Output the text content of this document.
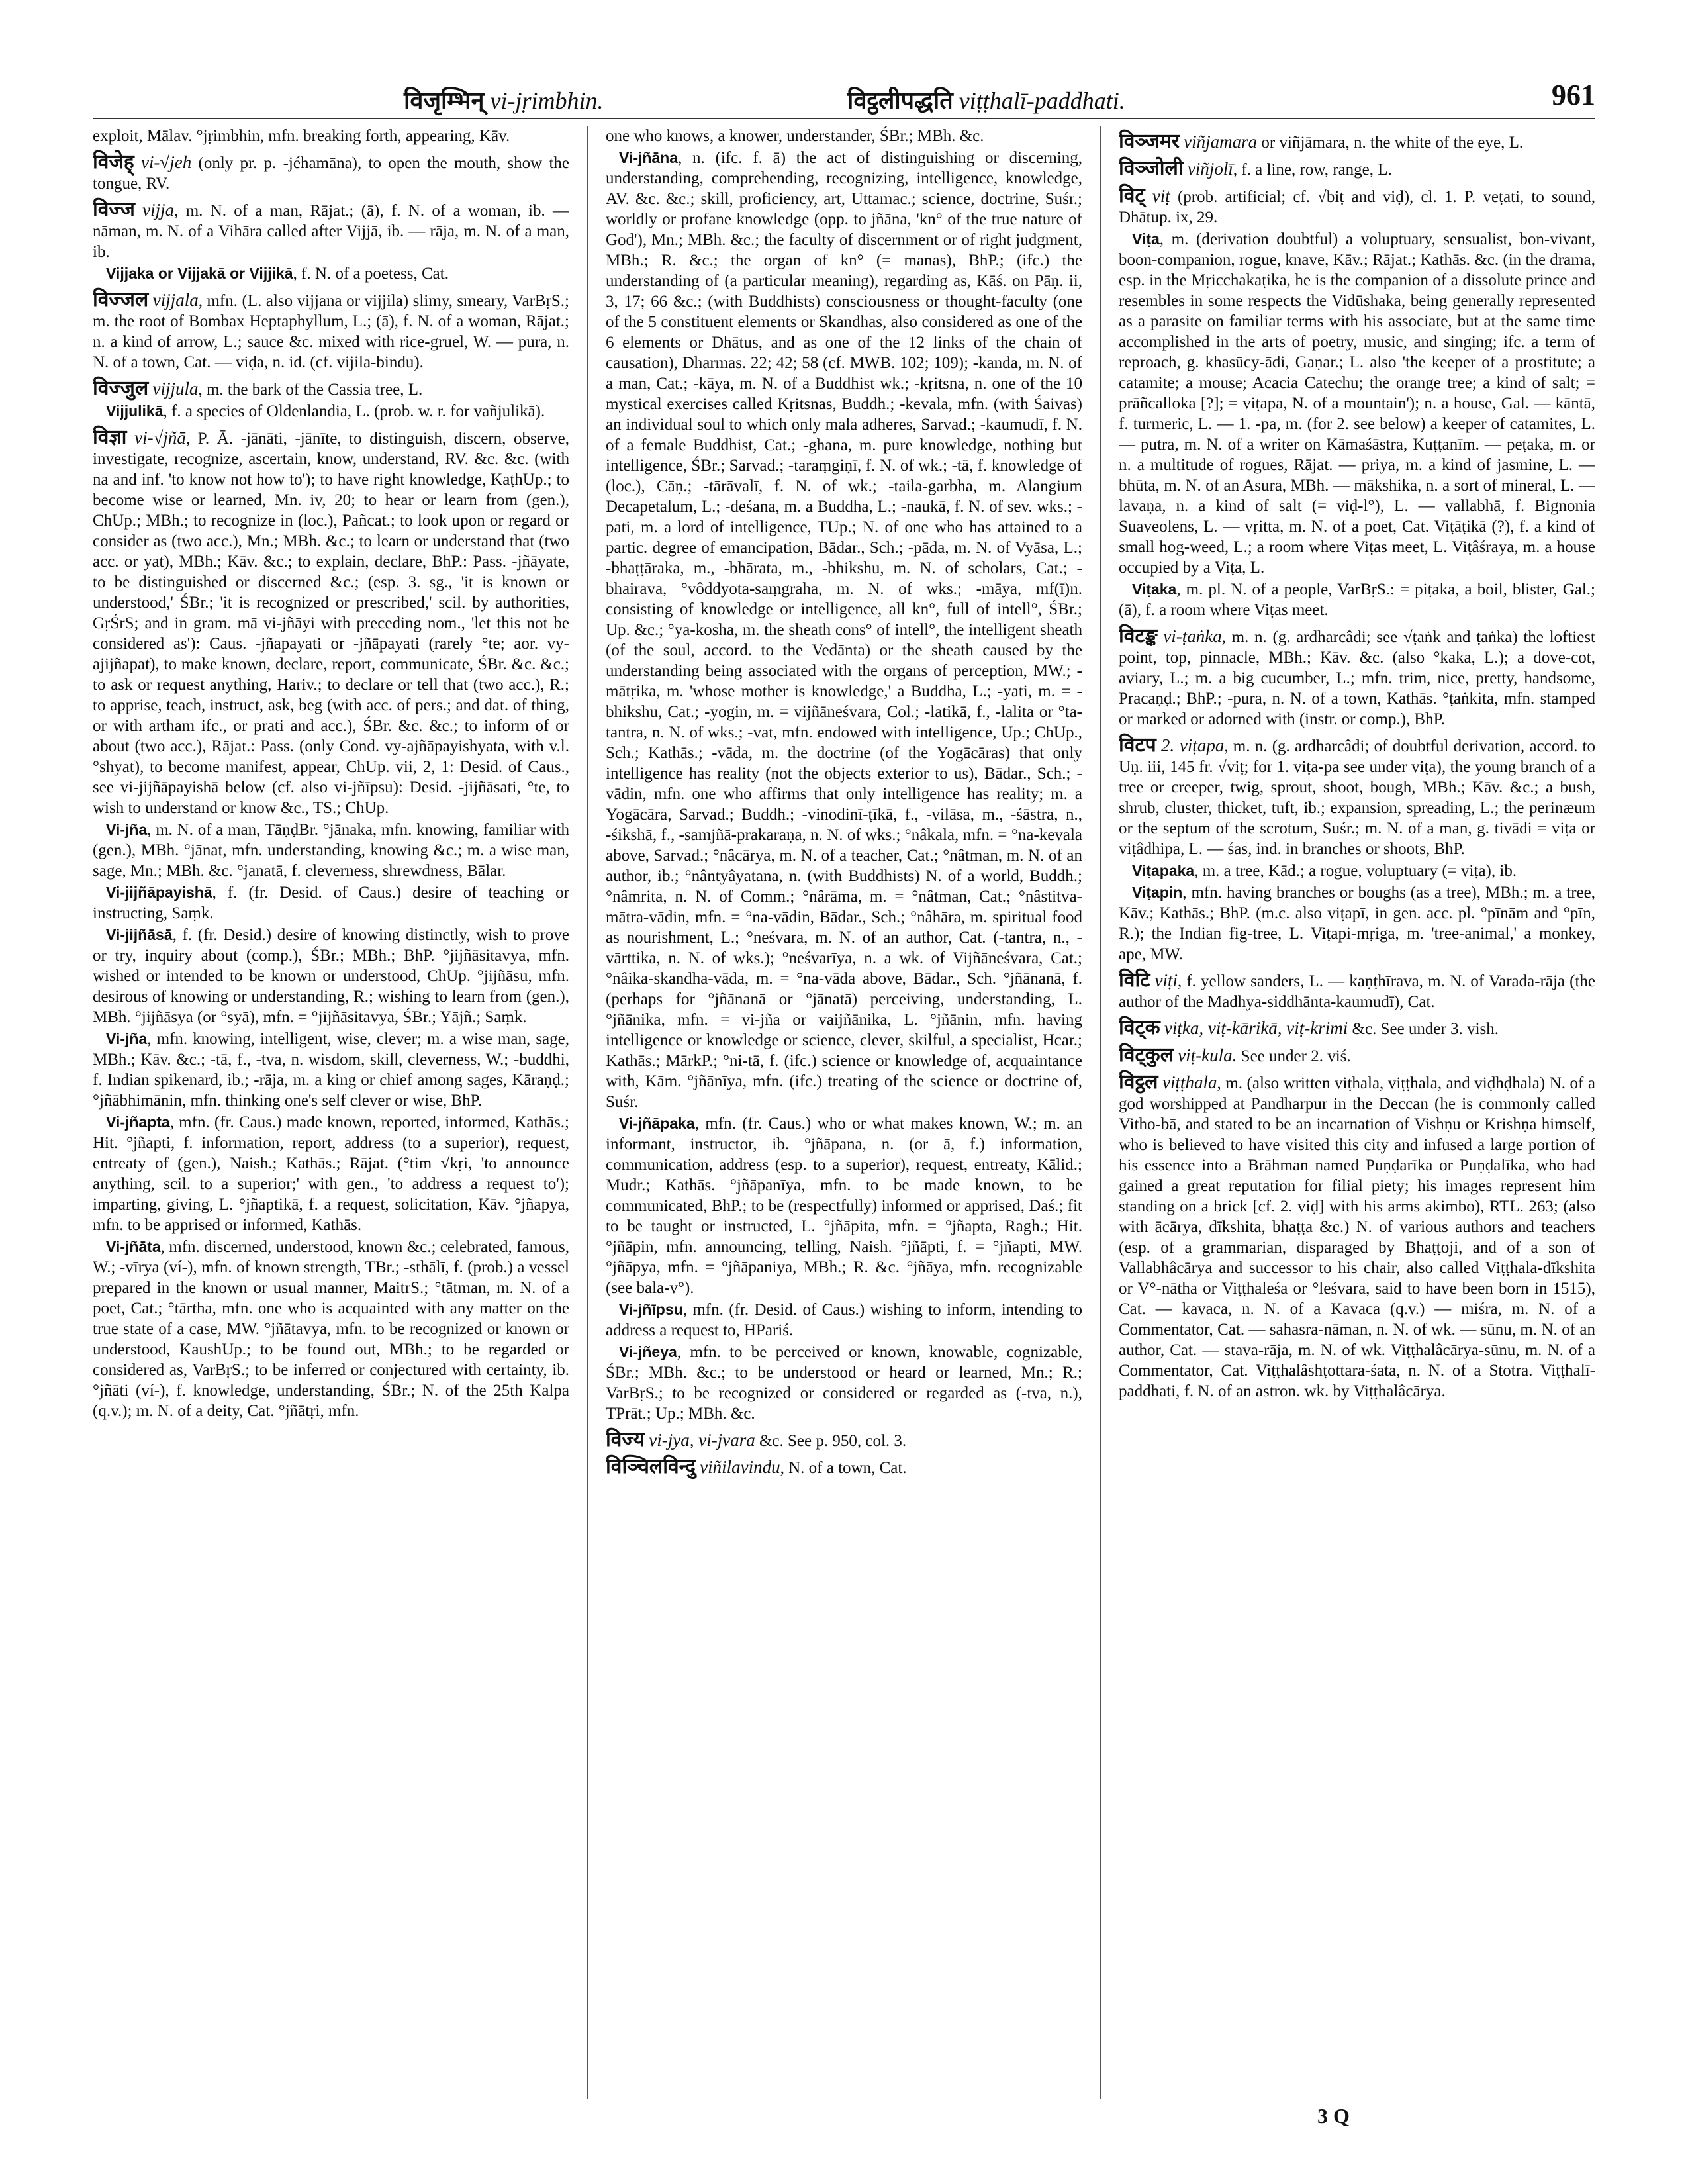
विजृम्भिन् vi-jṛimbhin.	विट्ठलीपद्धति viṭṭhalī-paddhati.	961

exploit, Mālav. °jṛimbhin, mfn. breaking forth, appearing, Kāv.

विजेह् vi-√jeh (only pr. p. -jéhamāna), to open the mouth, show the tongue, RV.

विज्ज vijja, m. N. of a man, Rājat.; (ā), f. N. of a woman, ib. — nāman, m. N. of a Vihāra called after Vijjā, ib. — rāja, m. N. of a man, ib.

Vijjaka or Vijjakā or Vijjikā, f. N. of a poetess, Cat.

विज्जल vijjala, mfn. (L. also vijjana or vijjila) slimy, smeary, VarBṛS.; m. the root of Bombax Heptaphyllum, L.; (ā), f. N. of a woman, Rājat.; n. a kind of arrow, L.; sauce &c. mixed with rice-gruel, W. — pura, n. N. of a town, Cat. — viḍa, n. id. (cf. vijila-bindu).

विज्जुल vijjula, m. the bark of the Cassia tree, L.

Vijjulikā, f. a species of Oldenlandia, L. (prob. w. r. for vañjulikā).

विज्ञा vi-√jñā, P. Ā. -jānāti, -jānīte, to distinguish, discern, observe, investigate, recognize, ascertain, know, understand, RV. &c. &c. (with na and inf. 'to know not how to'); to have right knowledge, KaṭhUp.; to become wise or learned, Mn. iv, 20; to hear or learn from (gen.), ChUp.; MBh.; to recognize in (loc.), Pañcat.; to look upon or regard or consider as (two acc.), Mn.; MBh. &c.; to learn or understand that (two acc. or yat), MBh.; Kāv. &c.; to explain, declare, BhP.: Pass. -jñāyate, to be distinguished or discerned &c.; (esp. 3. sg., 'it is known or understood,' ŚBr.; 'it is recognized or prescribed,' scil. by authorities, GṛŚrS; and in gram. mā vi-jñāyi with preceding nom., 'let this not be considered as'): Caus. -jñapayati or -jñāpayati (rarely °te; aor. vy-ajijñapat), to make known, declare, report, communicate, ŚBr. &c. &c.; to ask or request anything, Hariv.; to declare or tell that (two acc.), R.; to apprise, teach, instruct, ask, beg (with acc. of pers.; and dat. of thing, or with artham ifc., or prati and acc.), ŚBr. &c. &c.; to inform of or about (two acc.), Rājat.: Pass. (only Cond. vy-ajñāpayishyata, with v.l. °shyat), to become manifest, appear, ChUp. vii, 2, 1: Desid. of Caus., see vi-jijñāpayishā below (cf. also vi-jñīpsu): Desid. -jijñāsati, °te, to wish to understand or know &c., TS.; ChUp.

Vi-jña, m. N. of a man, TāṇḍBr. °jānaka, mfn. knowing, familiar with (gen.), MBh. °jānat, mfn. understanding, knowing &c.; m. a wise man, sage, Mn.; MBh. &c. °janatā, f. cleverness, shrewdness, Bālar.

Vi-jijñāpayishā, f. (fr. Desid. of Caus.) desire of teaching or instructing, Saṃk.

Vi-jijñāsā, f. (fr. Desid.) desire of knowing distinctly, wish to prove or try, inquiry about (comp.), ŚBr.; MBh.; BhP. °jijñāsitavya, mfn. wished or intended to be known or understood, ChUp. °jijñāsu, mfn. desirous of knowing or understanding, R.; wishing to learn from (gen.), MBh. °jijñāsya (or °syā), mfn. = °jijñāsitavya, ŚBr.; Yājñ.; Saṃk.

Vi-jña, mfn. knowing, intelligent, wise, clever; m. a wise man, sage, MBh.; Kāv. &c.; -tā, f., -tva, n. wisdom, skill, cleverness, W.; -buddhi, f. Indian spikenard, ib.; -rāja, m. a king or chief among sages, Kāraṇḍ.; °jñābhimānin, mfn. thinking one's self clever or wise, BhP.

Vi-jñapta, mfn. (fr. Caus.) made known, reported, informed, Kathās.; Hit. °jñapti, f. information, report, address (to a superior), request, entreaty of (gen.), Naish.; Kathās.; Rājat. (°tim √kṛi, 'to announce anything, scil. to a superior;' with gen., 'to address a request to'); imparting, giving, L. °jñaptikā, f. a request, solicitation, Kāv. °jñapya, mfn. to be apprised or informed, Kathās.

Vi-jñāta, mfn. discerned, understood, known &c.; celebrated, famous, W.; -vīrya (ví-), mfn. of known strength, TBr.; -sthālī, f. (prob.) a vessel prepared in the known or usual manner, MaitrS.; °tātman, m. N. of a poet, Cat.; °tārtha, mfn. one who is acquainted with any matter on the true state of a case, MW. °jñātavya, mfn. to be recognized or known or understood, KaushUp.; to be found out, MBh.; to be regarded or considered as, VarBṛS.; to be inferred or conjectured with certainty, ib. °jñāti (ví-), f. knowledge, understanding, ŚBr.; N. of the 25th Kalpa (q.v.); m. N. of a deity, Cat. °jñātṛi, mfn.

one who knows, a knower, understander, ŚBr.; MBh. &c.

Vi-jñāna, n. (ifc. f. ā) the act of distinguishing or discerning, understanding, comprehending, recognizing, intelligence, knowledge, AV. &c. &c.; skill, proficiency, art, Uttamac.; science, doctrine, Suśr.; worldly or profane knowledge (opp. to jñāna, 'kn° of the true nature of God'), Mn.; MBh. &c.; the faculty of discernment or of right judgment, MBh.; R. &c.; the organ of kn° (= manas), BhP.; (ifc.) the understanding of (a particular meaning), regarding as, Kāś. on Pāṇ. ii, 3, 17; 66 &c.; (with Buddhists) consciousness or thought-faculty (one of the 5 constituent elements or Skandhas, also considered as one of the 6 elements or Dhātus, and as one of the 12 links of the chain of causation), Dharmas. 22; 42; 58 (cf. MWB. 102; 109); -kanda, m. N. of a man, Cat.; -kāya, m. N. of a Buddhist wk.; -kṛitsna, n. one of the 10 mystical exercises called Kṛitsnas, Buddh.; -kevala, mfn. (with Śaivas) an individual soul to which only mala adheres, Sarvad.; -kaumudī, f. N. of a female Buddhist, Cat.; -ghana, m. pure knowledge, nothing but intelligence, ŚBr.; Sarvad.; -taraṃgiṇī, f. N. of wk.; -tā, f. knowledge of (loc.), Cāṇ.; -tārāvalī, f. N. of wk.; -taila-garbha, m. Alangium Decapetalum, L.; -deśana, m. a Buddha, L.; -naukā, f. N. of sev. wks.; -pati, m. a lord of intelligence, TUp.; N. of one who has attained to a partic. degree of emancipation, Bādar., Sch.; -pāda, m. N. of Vyāsa, L.; -bhaṭṭāraka, m., -bhārata, m., -bhikshu, m. N. of scholars, Cat.; -bhairava, °vôddyota-saṃgraha, m. N. of wks.; -māya, mf(ī)n. consisting of knowledge or intelligence, all kn°, full of intell°, ŚBr.; Up. &c.; °ya-kosha, m. the sheath cons° of intell°, the intelligent sheath (of the soul, accord. to the Vedānta) or the sheath caused by the understanding being associated with the organs of perception, MW.; -mātṛika, m. 'whose mother is knowledge,' a Buddha, L.; -yati, m. = -bhikshu, Cat.; -yogin, m. = vijñāneśvara, Col.; -latikā, f., -lalita or °ta-tantra, n. N. of wks.; -vat, mfn. endowed with intelligence, Up.; ChUp., Sch.; Kathās.; -vāda, m. the doctrine (of the Yogācāras) that only intelligence has reality (not the objects exterior to us), Bādar., Sch.; -vādin, mfn. one who affirms that only intelligence has reality; m. a Yogācāra, Sarvad.; Buddh.; -vinodinī-ṭīkā, f., -vilāsa, m., -śāstra, n., -śikshā, f., -samjñā-prakaraṇa, n. N. of wks.; °nâkala, mfn. = °na-kevala above, Sarvad.; °nâcārya, m. N. of a teacher, Cat.; °nâtman, m. N. of an author, ib.; °nântyâyatana, n. (with Buddhists) N. of a world, Buddh.; °nâmrita, n. N. of Comm.; °nârāma, m. = °nâtman, Cat.; °nâstitva-mātra-vādin, mfn. = °na-vādin, Bādar., Sch.; °nâhāra, m. spiritual food as nourishment, L.; °neśvara, m. N. of an author, Cat. (-tantra, n., -vārttika, n. N. of wks.); °neśvarīya, n. a wk. of Vijñāneśvara, Cat.; °nâika-skandha-vāda, m. = °na-vāda above, Bādar., Sch. °jñānanā, f. (perhaps for °jñānanā or °jānatā) perceiving, understanding, L. °jñānika, mfn. = vi-jña or vaijñānika, L. °jñānin, mfn. having intelligence or knowledge or science, clever, skilful, a specialist, Hcar.; Kathās.; MārkP.; °ni-tā, f. (ifc.) science or knowledge of, acquaintance with, Kām. °jñānīya, mfn. (ifc.) treating of the science or doctrine of, Suśr.

Vi-jñāpaka, mfn. (fr. Caus.) who or what makes known, W.; m. an informant, instructor, ib. °jñāpana, n. (or ā, f.) information, communication, address (esp. to a superior), request, entreaty, Kālid.; Mudr.; Kathās. °jñāpanīya, mfn. to be made known, to be communicated, BhP.; to be (respectfully) informed or apprised, Daś.; fit to be taught or instructed, L. °jñāpita, mfn. = °jñapta, Ragh.; Hit. °jñāpin, mfn. announcing, telling, Naish. °jñāpti, f. = °jñapti, MW. °jñāpya, mfn. = °jñāpaniya, MBh.; R. &c. °jñāya, mfn. recognizable (see bala-v°).

Vi-jñīpsu, mfn. (fr. Desid. of Caus.) wishing to inform, intending to address a request to, HPariś.

Vi-jñeya, mfn. to be perceived or known, knowable, cognizable, ŚBr.; MBh. &c.; to be understood or heard or learned, Mn.; R.; VarBṛS.; to be recognized or considered or regarded as (-tva, n.), TPrāt.; Up.; MBh. &c.

विज्य vi-jya, vi-jvara &c. See p. 950, col. 3.

विञ्चिलविन्दु viñilavindu, N. of a town, Cat.

विञ्जमर viñjamara or viñjāmara, n. the white of the eye, L.

विञ्जोली viñjolī, f. a line, row, range, L.

विट् viṭ (prob. artificial; cf. √biṭ and viḍ), cl. 1. P. veṭati, to sound, Dhātup. ix, 29.

Viṭa, m. (derivation doubtful) a voluptuary, sensualist, bon-vivant, boon-companion, rogue, knave, Kāv.; Rājat.; Kathās. &c. (in the drama, esp. in the Mṛicchakaṭika, he is the companion of a dissolute prince and resembles in some respects the Vidūshaka, being generally represented as a parasite on familiar terms with his associate, but at the same time accomplished in the arts of poetry, music, and singing; ifc. a term of reproach, g. khasūcy-ādi, Gaṇar.; L. also 'the keeper of a prostitute; a catamite; a mouse; Acacia Catechu; the orange tree; a kind of salt; = prāñcalloka [?]; = viṭapa, N. of a mountain'); n. a house, Gal. — kāntā, f. turmeric, L. — 1. -pa, m. (for 2. see below) a keeper of catamites, L. — putra, m. N. of a writer on Kāmaśāstra, Kuṭṭanīm. — peṭaka, m. or n. a multitude of rogues, Rājat. — priya, m. a kind of jasmine, L. — bhūta, m. N. of an Asura, MBh. — mākshika, n. a sort of mineral, L. — lavaṇa, n. a kind of salt (= viḍ-l°), L. — vallabhā, f. Bignonia Suaveolens, L. — vṛitta, m. N. of a poet, Cat. Viṭāṭikā (?), f. a kind of small hog-weed, L.; a room where Viṭas meet, L. Viṭâśraya, m. a house occupied by a Viṭa, L.

Viṭaka, m. pl. N. of a people, VarBṛS.: = piṭaka, a boil, blister, Gal.; (ā), f. a room where Viṭas meet.

विटङ्क vi-ṭaṅka, m. n. (g. ardharcâdi; see √ṭaṅk and ṭaṅka) the loftiest point, top, pinnacle, MBh.; Kāv. &c. (also °kaka, L.); a dove-cot, aviary, L.; m. a big cucumber, L.; mfn. trim, nice, pretty, handsome, Pracaṇḍ.; BhP.; -pura, n. N. of a town, Kathās. °ṭaṅkita, mfn. stamped or marked or adorned with (instr. or comp.), BhP.

विटप 2. viṭapa, m. n. (g. ardharcâdi; of doubtful derivation, accord. to Uṇ. iii, 145 fr. √viṭ; for 1. viṭa-pa see under viṭa), the young branch of a tree or creeper, twig, sprout, shoot, bough, MBh.; Kāv. &c.; a bush, shrub, cluster, thicket, tuft, ib.; expansion, spreading, L.; the perinæum or the septum of the scrotum, Suśr.; m. N. of a man, g. tivādi = viṭa or viṭâdhipa, L. — śas, ind. in branches or shoots, BhP.

Viṭapaka, m. a tree, Kād.; a rogue, voluptuary (= viṭa), ib.

Viṭapin, mfn. having branches or boughs (as a tree), MBh.; m. a tree, Kāv.; Kathās.; BhP. (m.c. also viṭapī, in gen. acc. pl. °pīnām and °pīn, R.); the Indian fig-tree, L. Viṭapi-mṛiga, m. 'tree-animal,' a monkey, ape, MW.

विटि viṭi, f. yellow sanders, L. — kaṇṭhīrava, m. N. of Varada-rāja (the author of the Madhya-siddhānta-kaumudī), Cat.

विट्क viṭka, viṭ-kārikā, viṭ-krimi &c. See under 3. vish.

विट्कुल viṭ-kula. See under 2. viś.

विट्ठल viṭṭhala, m. (also written viṭhala, viṭṭhala, and viḍhḍhala) N. of a god worshipped at Pandharpur in the Deccan (he is commonly called Vitho-bā, and stated to be an incarnation of Vishṇu or Krishṇa himself, who is believed to have visited this city and infused a large portion of his essence into a Brāhman named Puṇḍarīka or Puṇḍalīka, who had gained a great reputation for filial piety; his images represent him standing on a brick [cf. 2. viḍ] with his arms akimbo), RTL. 263; (also with ācārya, dīkshita, bhaṭṭa &c.) N. of various authors and teachers (esp. of a grammarian, disparaged by Bhaṭṭoji, and of a son of Vallabhâcārya and successor to his chair, also called Viṭṭhala-dīkshita or V°-nātha or Viṭṭhaleśa or °leśvara, said to have been born in 1515), Cat. — kavaca, n. N. of a Kavaca (q.v.) — miśra, m. N. of a Commentator, Cat. — sahasra-nāman, n. N. of wk. — sūnu, m. N. of an author, Cat. — stava-rāja, m. N. of wk. Viṭṭhalâcārya-sūnu, m. N. of a Commentator, Cat. Viṭṭhalâshṭottara-śata, n. N. of a Stotra. Viṭṭhalī-paddhati, f. N. of an astron. wk. by Viṭṭhalâcārya.

3 Q
